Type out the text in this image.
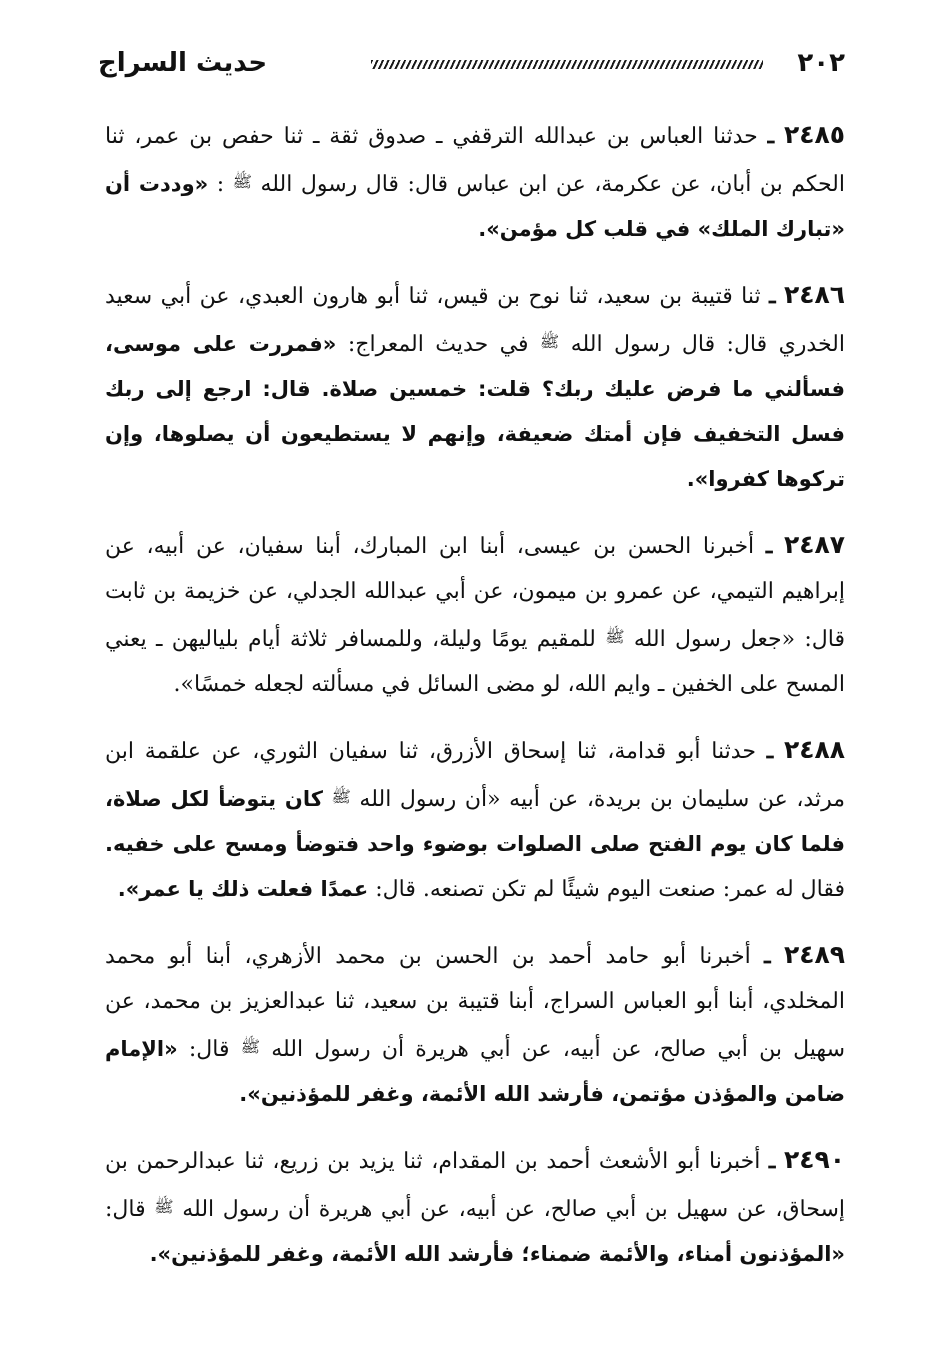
٢٠٢
حديث السراج

٢٤٨٥ ـ حدثنا العباس بن عبدالله الترقفي ـ صدوق ثقة ـ ثنا حفص بن عمر، ثنا الحكم بن أبان، عن عكرمة، عن ابن عباس قال: قال رسول الله ﷺ : «وددت أن «تبارك الملك» في قلب كل مؤمن».

٢٤٨٦ ـ ثنا قتيبة بن سعيد، ثنا نوح بن قيس، ثنا أبو هارون العبدي، عن أبي سعيد الخدري قال: قال رسول الله ﷺ في حديث المعراج: «فمررت على موسى، فسألني ما فرض عليك ربك؟ قلت: خمسين صلاة. قال: ارجع إلى ربك فسل التخفيف فإن أمتك ضعيفة، وإنهم لا يستطيعون أن يصلوها، وإن تركوها كفروا».

٢٤٨٧ ـ أخبرنا الحسن بن عيسى، أبنا ابن المبارك، أبنا سفيان، عن أبيه، عن إبراهيم التيمي، عن عمرو بن ميمون، عن أبي عبدالله الجدلي، عن خزيمة بن ثابت قال: «جعل رسول الله ﷺ للمقيم يومًا وليلة، وللمسافر ثلاثة أيام بلياليهن ـ يعني المسح على الخفين ـ وايم الله، لو مضى السائل في مسألته لجعله خمسًا».

٢٤٨٨ ـ حدثنا أبو قدامة، ثنا إسحاق الأزرق، ثنا سفيان الثوري، عن علقمة ابن مرثد، عن سليمان بن بريدة، عن أبيه «أن رسول الله ﷺ كان يتوضأ لكل صلاة، فلما كان يوم الفتح صلى الصلوات بوضوء واحد فتوضأ ومسح على خفيه. فقال له عمر: صنعت اليوم شيئًا لم تكن تصنعه. قال: عمدًا فعلت ذلك يا عمر».

٢٤٨٩ ـ أخبرنا أبو حامد أحمد بن الحسن بن محمد الأزهري، أبنا أبو محمد المخلدي، أبنا أبو العباس السراج، أبنا قتيبة بن سعيد، ثنا عبدالعزيز بن محمد، عن سهيل بن أبي صالح، عن أبيه، عن أبي هريرة أن رسول الله ﷺ قال: «الإمام ضامن والمؤذن مؤتمن، فأرشد الله الأئمة، وغفر للمؤذنين».

٢٤٩٠ ـ أخبرنا أبو الأشعث أحمد بن المقدام، ثنا يزيد بن زريع، ثنا عبدالرحمن بن إسحاق، عن سهيل بن أبي صالح، عن أبيه، عن أبي هريرة أن رسول الله ﷺ قال: «المؤذنون أمناء، والأئمة ضمناء؛ فأرشد الله الأئمة، وغفر للمؤذنين».
